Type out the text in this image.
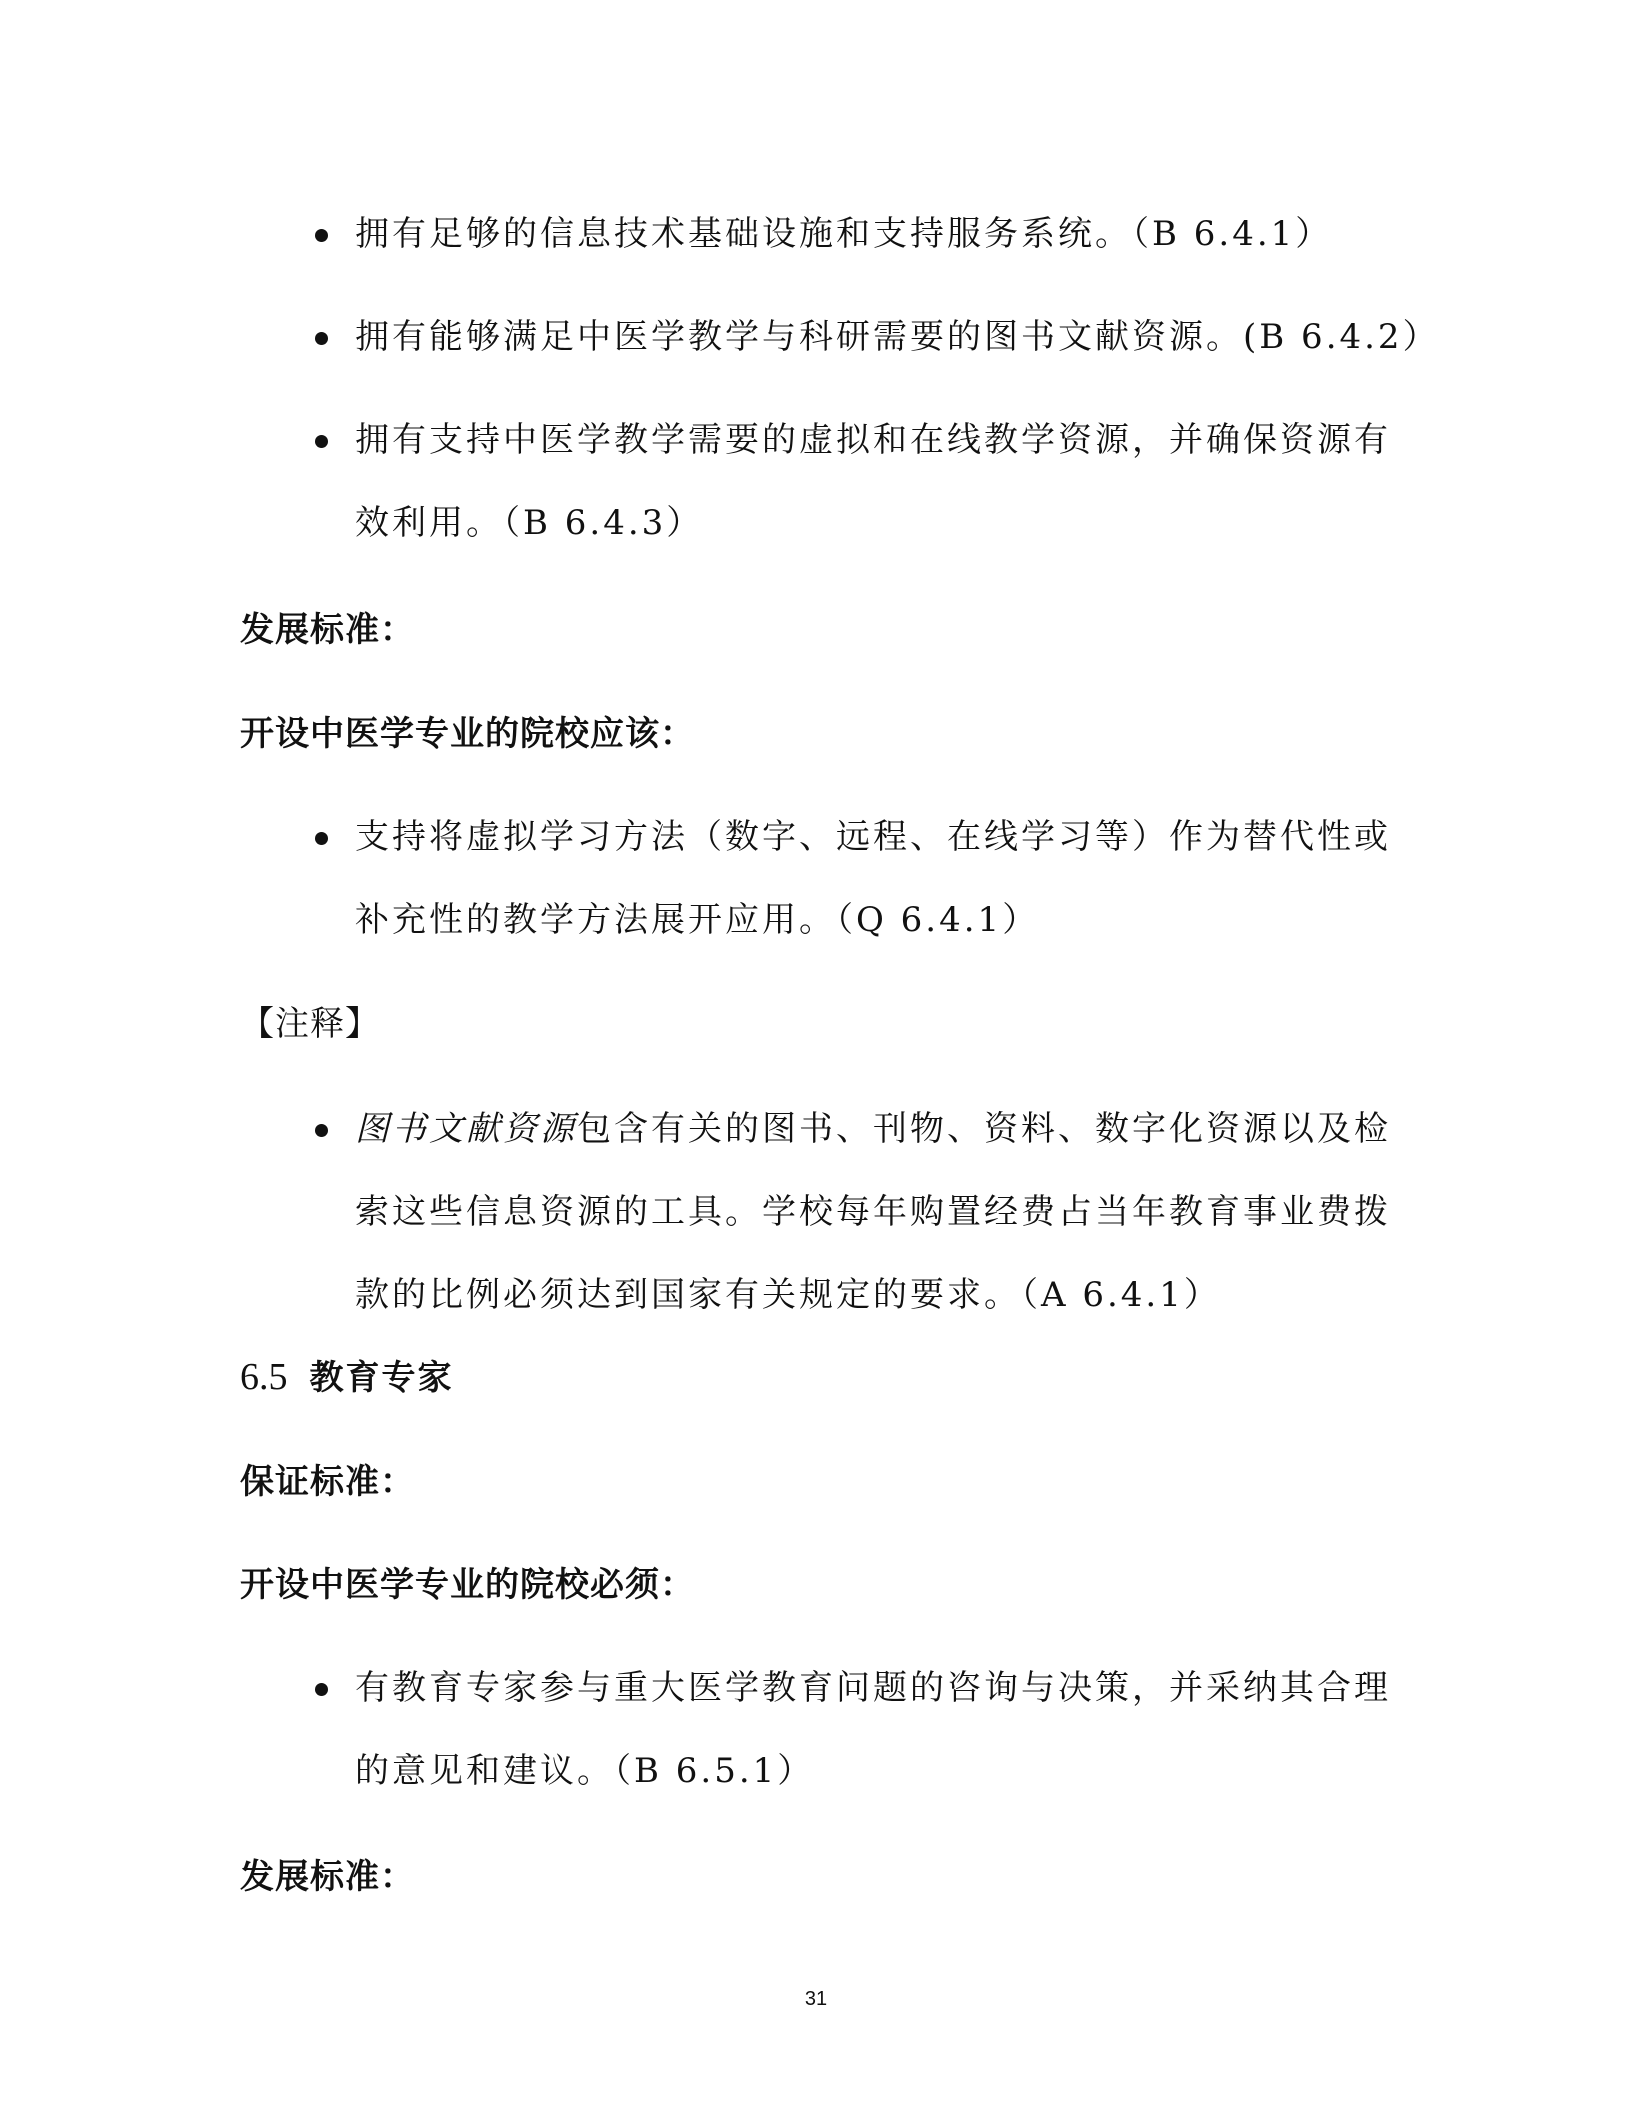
拥有足够的信息技术基础设施和支持服务系统。（B 6.4.1）
拥有能够满足中医学教学与科研需要的图书文献资源。(B 6.4.2）
拥有支持中医学教学需要的虚拟和在线教学资源，并确保资源有
效利用。（B 6.4.3）
发展标准：
开设中医学专业的院校应该：
支持将虚拟学习方法（数字、远程、在线学习等）作为替代性或
补充性的教学方法展开应用。（Q 6.4.1）
【注释】
图书文献资源包含有关的图书、刊物、资料、数字化资源以及检
索这些信息资源的工具。学校每年购置经费占当年教育事业费拨
款的比例必须达到国家有关规定的要求。（A 6.4.1）
6.5 教育专家
保证标准：
开设中医学专业的院校必须：
有教育专家参与重大医学教育问题的咨询与决策，并采纳其合理
的意见和建议。（B 6.5.1）
发展标准：
31
